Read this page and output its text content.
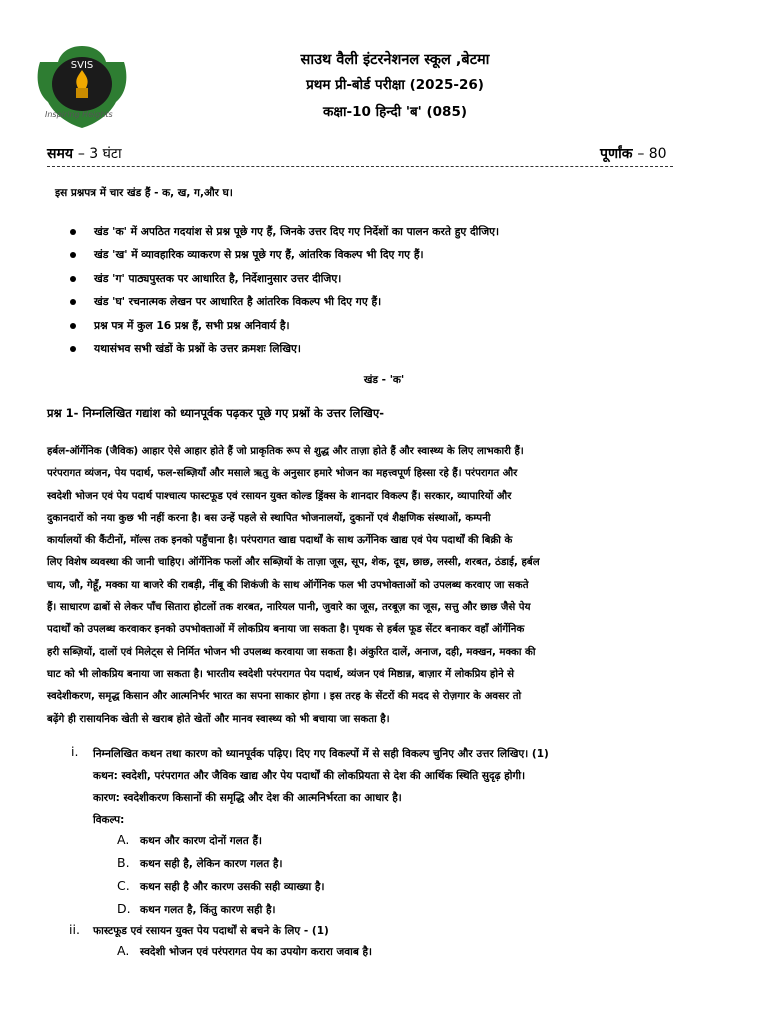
SVIS
Inspiring Heights
साउथ वैली इंटरनेशनल स्कूल ,बेटमा
प्रथम प्री-बोर्ड परीक्षा (2025-26)
कक्षा-10 हिन्दी 'ब' (085)
समय – 3 घंटा	पूर्णांक – 80
इस प्रश्नपत्र में चार खंड हैं - क, ख, ग,और घ।
खंड 'क' में अपठित गदयांश से प्रश्न पूछे गए हैं, जिनके उत्तर दिए गए निर्देशों का पालन करते हुए दीजिए।
खंड 'ख' में व्यावहारिक व्याकरण से प्रश्न पूछे गए हैं, आंतरिक विकल्प भी दिए गए हैं।
खंड 'ग' पाठ्यपुस्तक पर आधारित है, निर्देशानुसार उत्तर दीजिए।
खंड 'घ' रचनात्मक लेखन पर आधारित है आंतरिक विकल्प भी दिए गए हैं।
प्रश्न पत्र में कुल 16 प्रश्न हैं, सभी प्रश्न अनिवार्य है।
यथासंभव सभी खंडों के प्रश्नों के उत्तर क्रमशः लिखिए।
खंड - 'क'
प्रश्न 1- निम्नलिखित गद्यांश को ध्यानपूर्वक पढ़कर पूछे गए प्रश्नों के उत्तर लिखिए-
हर्बल-ऑर्गेनिक (जैविक) आहार ऐसे आहार होते हैं जो प्राकृतिक रूप से शुद्ध और ताज़ा होते हैं और स्वास्थ्य के लिए लाभकारी हैं।
परंपरागत व्यंजन, पेय पदार्थ, फल-सब्ज़ियाँ और मसाले ऋतु के अनुसार हमारे भोजन का महत्त्वपूर्ण हिस्सा रहे हैं। परंपरागत और
स्वदेशी भोजन एवं पेय पदार्थ पाश्चात्य फास्टफूड एवं रसायन युक्त कोल्ड ड्रिंक्स के शानदार विकल्प हैं। सरकार, व्यापारियों और
दुकानदारों को नया कुछ भी नहीं करना है। बस उन्हें पहले से स्थापित भोजनालयों, दुकानों एवं शैक्षणिक संस्थाओं, कम्पनी
कार्यालयों की कैंटीनों, मॉल्स तक इनको पहुँचाना है। परंपरागत खाद्य पदार्थों के साथ ऊर्गेनिक खाद्य एवं पेय पदार्थों की बिक्री के
लिए विशेष व्यवस्था की जानी चाहिए। ऑर्गेनिक फलों और सब्ज़ियों के ताज़ा जूस, सूप, शेक, दूध, छाछ, लस्सी, शरबत, ठंडाई, हर्बल
चाय, जौ, गेहूँ, मक्का या बाजरे की राबड़ी, नींबू की शिकंजी के साथ ऑर्गेनिक फल भी उपभोक्ताओं को उपलब्ध करवाए जा सकते
हैं। साधारण ढाबों से लेकर पाँच सितारा होटलों तक शरबत, नारियल पानी, जुवारे का जूस, तरबूज़ का जूस, सत्तु और छाछ जैसे पेय
पदार्थों को उपलब्ध करवाकर इनको उपभोक्ताओं में लोकप्रिय बनाया जा सकता है। पृथक से हर्बल फूड सेंटर बनाकर वहाँ ऑर्गेनिक
हरी सब्ज़ियों, दालों एवं मिलेट्स से निर्मित भोजन भी उपलब्ध करवाया जा सकता है। अंकुरित दालें, अनाज, दही, मक्खन, मक्का की
घाट को भी लोकप्रिय बनाया जा सकता है। भारतीय स्वदेशी परंपरागत पेय पदार्थ, व्यंजन एवं मिष्ठान्न, बाज़ार में लोकप्रिय होने से
स्वदेशीकरण, समृद्ध किसान और आत्मनिर्भर भारत का सपना साकार होगा । इस तरह के सेंटरों की मदद से रोज़गार के अवसर तो
बढ़ेंगे ही रासायनिक खेती से खराब होते खेतों और मानव स्वास्थ्य को भी बचाया जा सकता है।
i. निम्नलिखित कथन तथा कारण को ध्यानपूर्वक पढ़िए। दिए गए विकल्पों में से सही विकल्प चुनिए और उत्तर लिखिए। (1)
कथन: स्वदेशी, परंपरागत और जैविक खाद्य और पेय पदार्थों की लोकप्रियता से देश की आर्थिक स्थिति सुदृढ़ होगी।
कारण: स्वदेशीकरण किसानों की समृद्धि और देश की आत्मनिर्भरता का आधार है।
विकल्प:
A. कथन और कारण दोनों गलत हैं।
B. कथन सही है, लेकिन कारण गलत है।
C. कथन सही है और कारण उसकी सही व्याख्या है।
D. कथन गलत है, किंतु कारण सही है।
ii. फास्टफूड एवं रसायन युक्त पेय पदार्थों से बचने के लिए - (1)
A. स्वदेशी भोजन एवं परंपरागत पेय का उपयोग करारा जवाब है।
